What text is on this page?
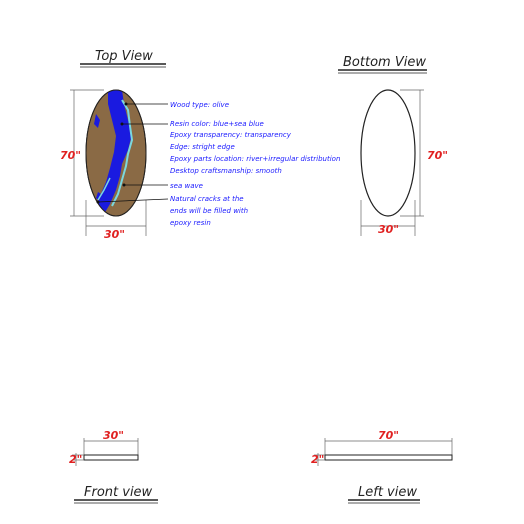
Top View
70"
30"
Wood type: olive
Resin color: blue+sea blue
Epoxy transparency: transparency
Edge: stright edge
Epoxy parts location: river+irregular distribution
Desktop craftsmanship: smooth
sea wave
Natural cracks at the
ends will be filled with
epoxy resin
Bottom View
70"
30"
30"
2"
Front view
70"
2"
Left view
